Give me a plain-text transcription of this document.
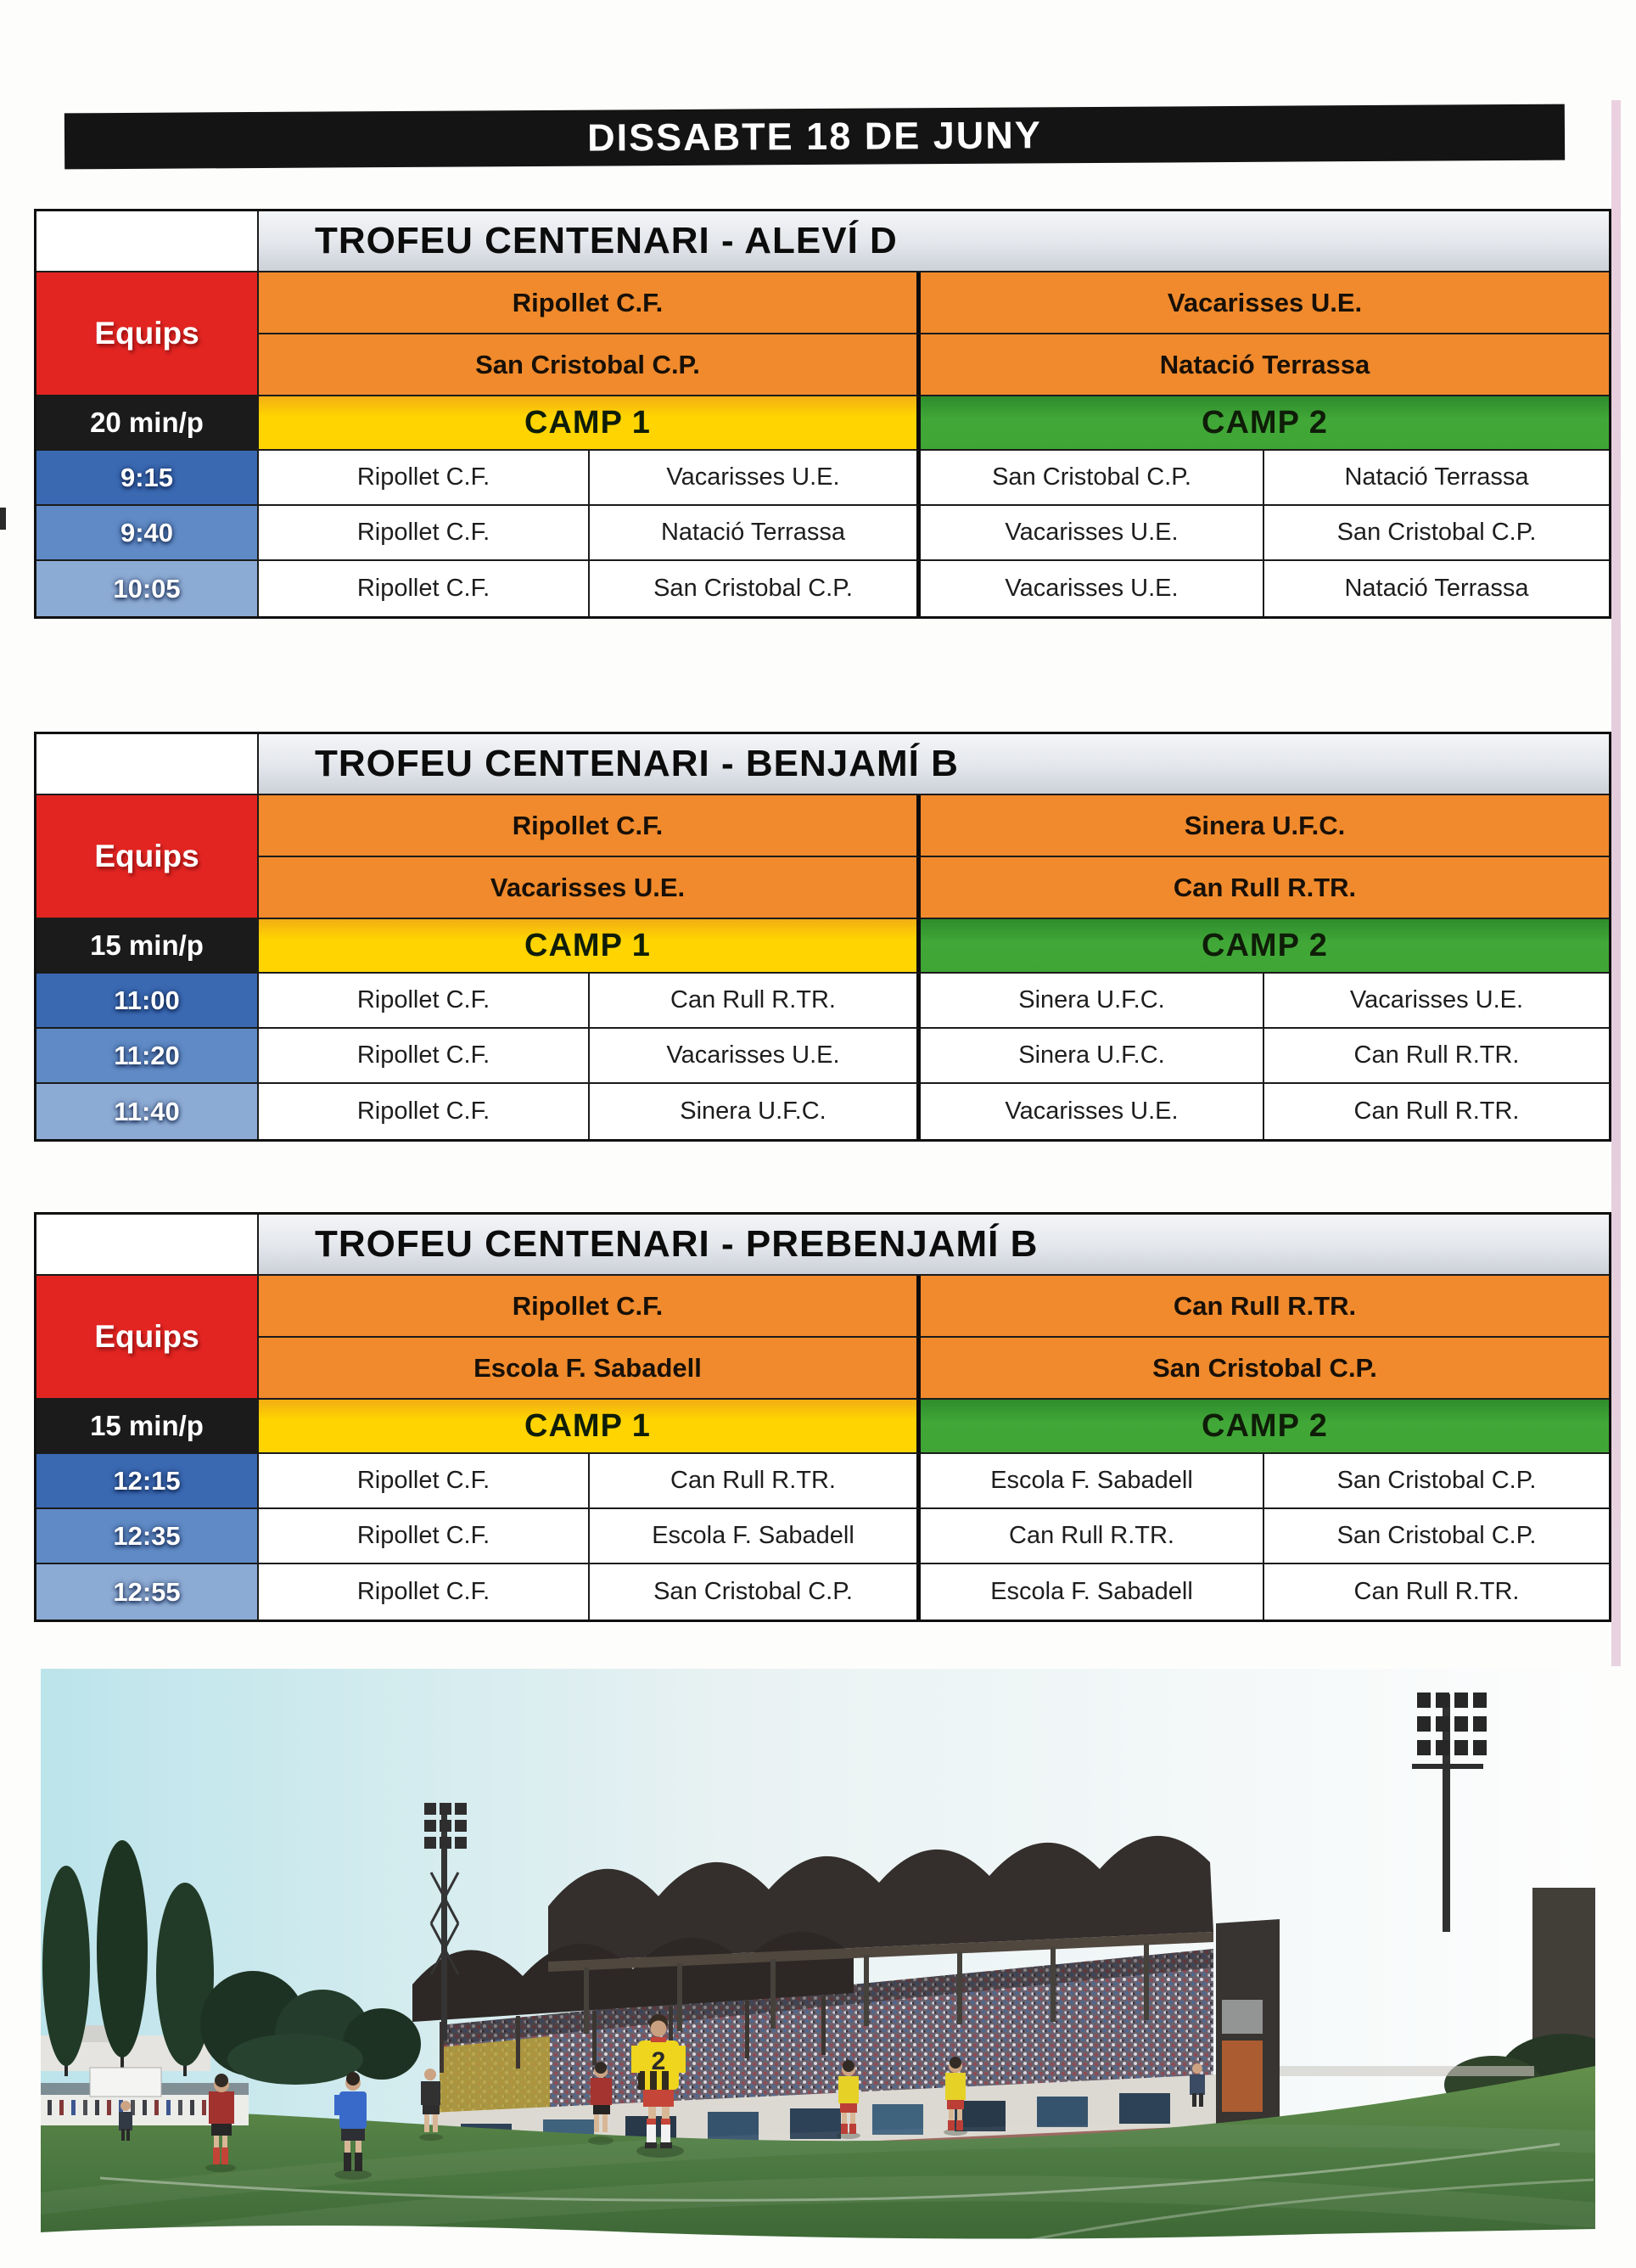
DISSABTE 18 DE JUNY
TROFEU CENTENARI - ALEVÍ D
Equips
Ripollet C.F.	Vacarisses U.E.
San Cristobal C.P.	Natació Terrassa
20 min/p	CAMP 1	CAMP 2
9:15	Ripollet C.F.	Vacarisses U.E.	San Cristobal C.P.	Natació Terrassa
9:40	Ripollet C.F.	Natació Terrassa	Vacarisses U.E.	San Cristobal C.P.
10:05	Ripollet C.F.	San Cristobal C.P.	Vacarisses U.E.	Natació Terrassa
TROFEU CENTENARI - BENJAMÍ B
Equips
Ripollet C.F.	Sinera U.F.C.
Vacarisses U.E.	Can Rull R.TR.
15 min/p	CAMP 1	CAMP 2
11:00	Ripollet C.F.	Can Rull R.TR.	Sinera U.F.C.	Vacarisses U.E.
11:20	Ripollet C.F.	Vacarisses U.E.	Sinera U.F.C.	Can Rull R.TR.
11:40	Ripollet C.F.	Sinera U.F.C.	Vacarisses U.E.	Can Rull R.TR.
TROFEU CENTENARI - PREBENJAMÍ B
Equips
Ripollet C.F.	Can Rull R.TR.
Escola F. Sabadell	San Cristobal C.P.
15 min/p	CAMP 1	CAMP 2
12:15	Ripollet C.F.	Can Rull R.TR.	Escola F. Sabadell	San Cristobal C.P.
12:35	Ripollet C.F.	Escola F. Sabadell	Can Rull R.TR.	San Cristobal C.P.
12:55	Ripollet C.F.	San Cristobal C.P.	Escola F. Sabadell	Can Rull R.TR.
2
